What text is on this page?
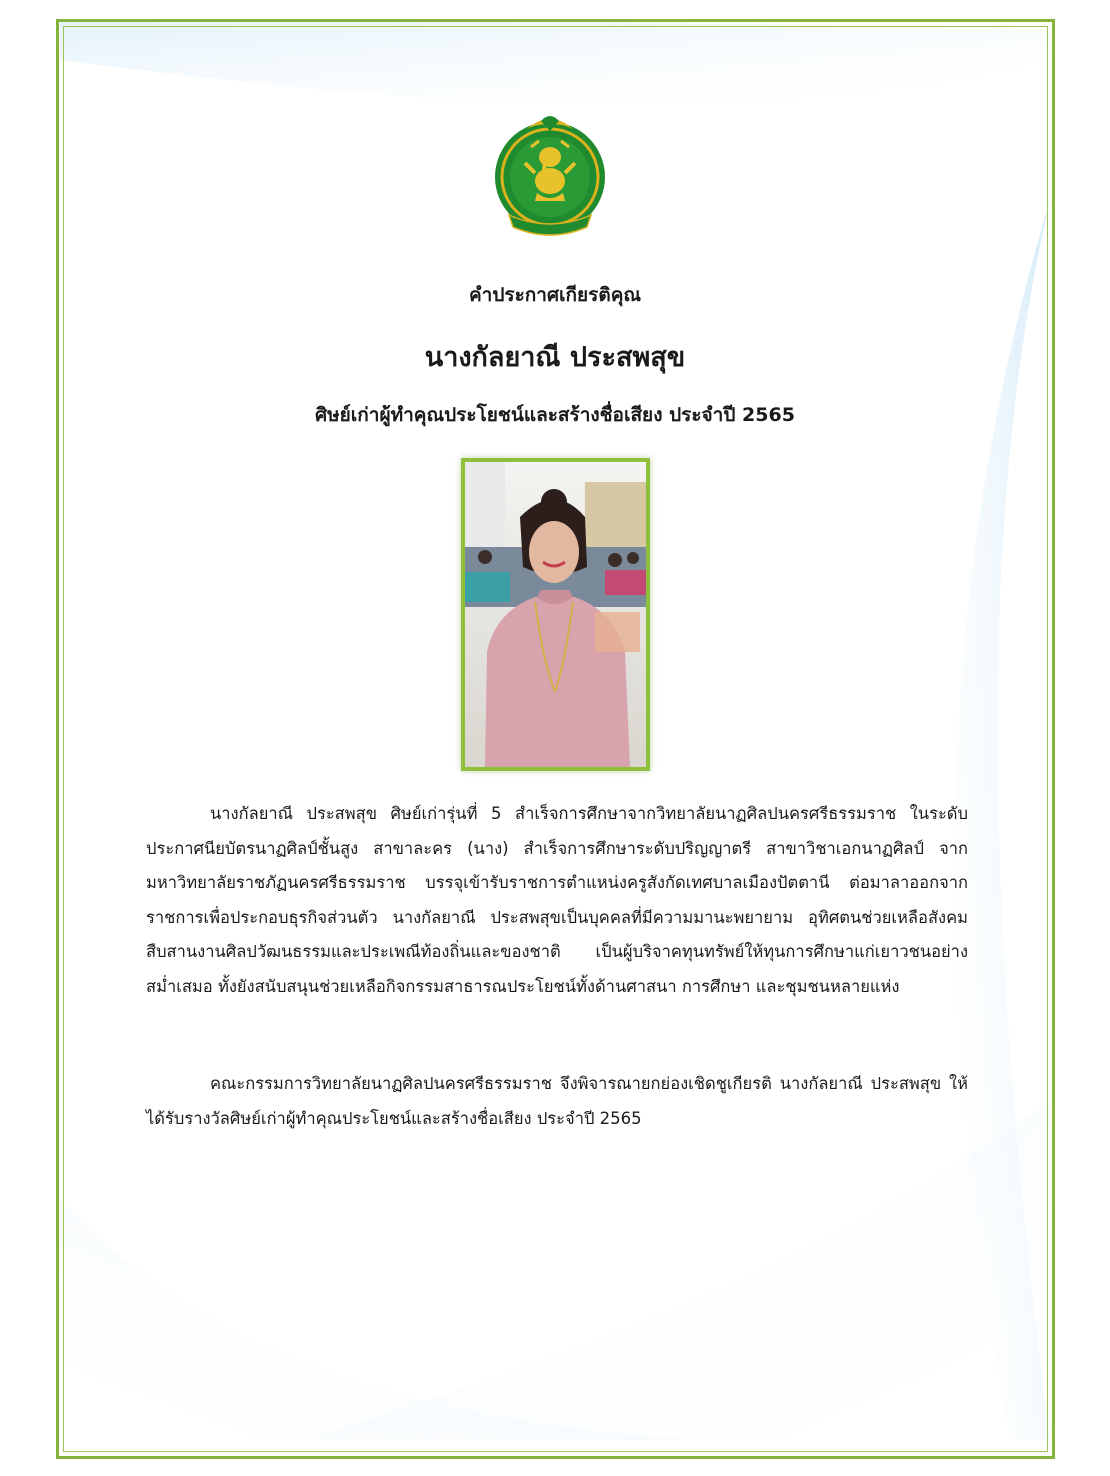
คำประกาศเกียรติคุณ
นางกัลยาณี ประสพสุข
ศิษย์เก่าผู้ทำคุณประโยชน์และสร้างชื่อเสียง ประจำปี 2565

นางกัลยาณี ประสพสุข ศิษย์เก่ารุ่นที่ 5 สำเร็จการศึกษาจากวิทยาลัยนาฏศิลปนครศรีธรรมราช ในระดับประกาศนียบัตรนาฏศิลป์ชั้นสูง สาขาละคร (นาง) สำเร็จการศึกษาระดับปริญญาตรี สาขาวิชาเอกนาฏศิลป์ จากมหาวิทยาลัยราชภัฏนครศรีธรรมราช บรรจุเข้ารับราชการตำแหน่งครูสังกัดเทศบาลเมืองปัตตานี ต่อมาลาออกจากราชการเพื่อประกอบธุรกิจส่วนตัว นางกัลยาณี ประสพสุขเป็นบุคคลที่มีความมานะพยายาม อุทิศตนช่วยเหลือสังคม สืบสานงานศิลปวัฒนธรรมและประเพณีท้องถิ่นและของชาติ เป็นผู้บริจาคทุนทรัพย์ให้ทุนการศึกษาแก่เยาวชนอย่างสม่ำเสมอ ทั้งยังสนับสนุนช่วยเหลือกิจกรรมสาธารณประโยชน์ทั้งด้านศาสนา การศึกษา และชุมชนหลายแห่ง

คณะกรรมการวิทยาลัยนาฏศิลปนครศรีธรรมราช จึงพิจารณายกย่องเชิดชูเกียรติ นางกัลยาณี ประสพสุข ให้ได้รับรางวัลศิษย์เก่าผู้ทำคุณประโยชน์และสร้างชื่อเสียง ประจำปี 2565
